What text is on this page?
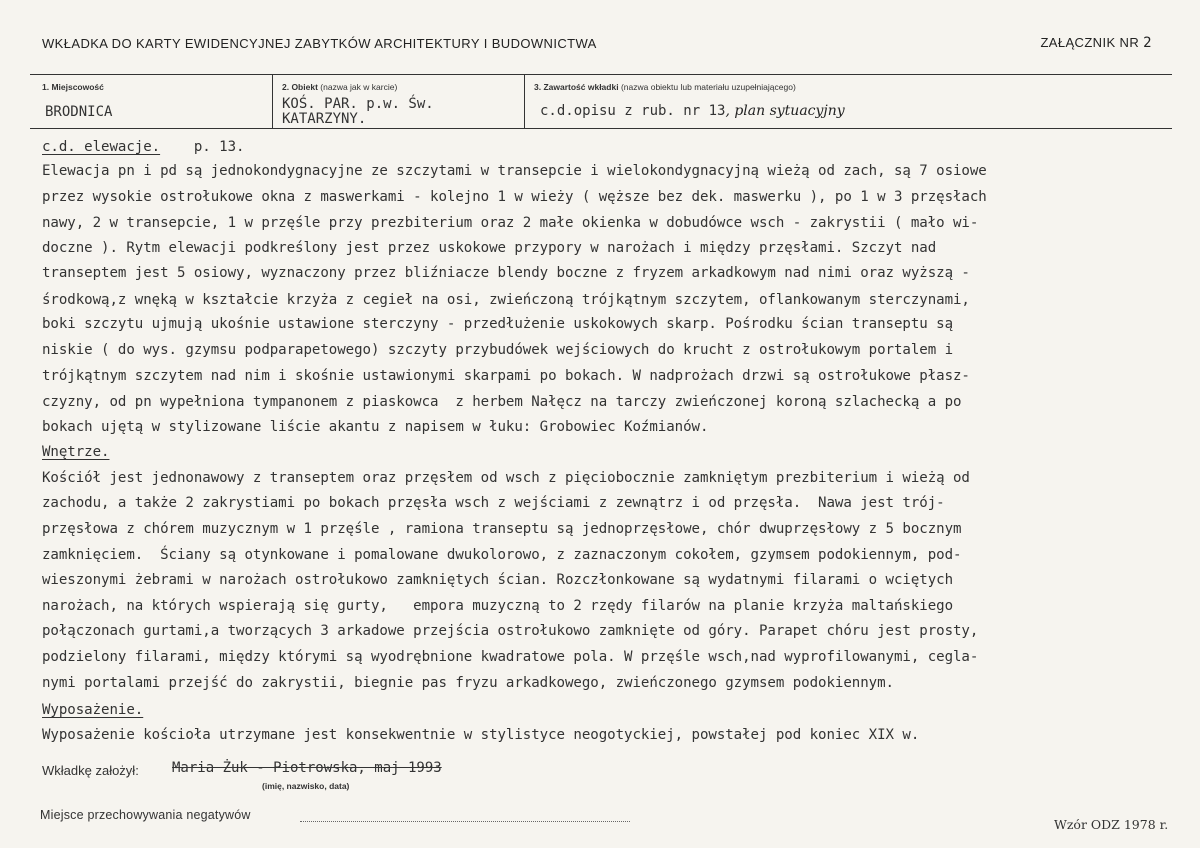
WKŁADKA DO KARTY EWIDENCYJNEJ ZABYTKÓW ARCHITEKTURY I BUDOWNICTWA	ZAŁĄCZNIK NR 2
1. Miejscowość
BRODNICA
2. Obiekt (nazwa jak w karcie)
KOŚ. PAR. p.w. Św.
KATARZYNY.
3. Zawartość wkładki (nazwa obiektu lub materiału uzupełniającego)
c.d.opisu z rub. nr 13, plan sytuacyjny
c.d. elewacje. p. 13.
Elewacja pn i pd są jednokondygnacyjne ze szczytami w transepcie i wielokondygnacyjną wieżą od zach, są 7 osiowe
przez wysokie ostrołukowe okna z maswerkami - kolejno 1 w wieży ( węższe bez dek. maswerku ), po 1 w 3 przęsłach
nawy, 2 w transepcie, 1 w przęśle przy prezbiterium oraz 2 małe okienka w dobudówce wsch - zakrystii ( mało wi-
doczne ). Rytm elewacji podkreślony jest przez uskokowe przypory w narożach i między przęsłami. Szczyt nad
transeptem jest 5 osiowy, wyznaczony przez bliźniacze blendy boczne z fryzem arkadkowym nad nimi oraz wyższą -
środkową,z wnęką w kształcie krzyża z cegieł na osi, zwieńczoną trójkątnym szczytem, oflankowanym sterczynami,
boki szczytu ujmują ukośnie ustawione sterczyny - przedłużenie uskokowych skarp. Pośrodku ścian transeptu są
niskie ( do wys. gzymsu podparapetowego) szczyty przybudówek wejściowych do krucht z ostrołukowym portalem i
trójkątnym szczytem nad nim i skośnie ustawionymi skarpami po bokach. W nadprożach drzwi są ostrołukowe płasz-
czyzny, od pn wypełniona tympanonem z piaskowca  z herbem Nałęcz na tarczy zwieńczonej koroną szlachecką a po
bokach ujętą w stylizowane liście akantu z napisem w łuku: Grobowiec Koźmianów.
Wnętrze.
Kościół jest jednonawowy z transeptem oraz przęsłem od wsch z pięciobocznie zamkniętym prezbiterium i wieżą od
zachodu, a także 2 zakrystiami po bokach przęsła wsch z wejściami z zewnątrz i od przęsła.  Nawa jest trój-
przęsłowa z chórem muzycznym w 1 przęśle , ramiona transeptu są jednoprzęsłowe, chór dwuprzęsłowy z 5 bocznym
zamknięciem.  Ściany są otynkowane i pomalowane dwukolorowo, z zaznaczonym cokołem, gzymsem podokiennym, pod-
wieszonymi żebrami w narożach ostrołukowo zamkniętych ścian. Rozczłonkowane są wydatnymi filarami o wciętych
narożach, na których wspierają się gurty,   empora muzyczną to 2 rzędy filarów na planie krzyża maltańskiego
połączonach gurtami,a tworzących 3 arkadowe przejścia ostrołukowo zamknięte od góry. Parapet chóru jest prosty,
podzielony filarami, między którymi są wyodrębnione kwadratowe pola. W przęśle wsch,nad wyprofilowanymi, cegla-
nymi portalami przejść do zakrystii, biegnie pas fryzu arkadkowego, zwieńczonego gzymsem podokiennym.
Wyposażenie.
Wyposażenie kościoła utrzymane jest konsekwentnie w stylistyce neogotyckiej, powstałej pod koniec XIX w.
Wkładkę założył: Maria Żuk - Piotrowska, maj 1993
(imię, nazwisko, data)
Miejsce przechowywania negatywów
Wzór ODZ 1978 r.
